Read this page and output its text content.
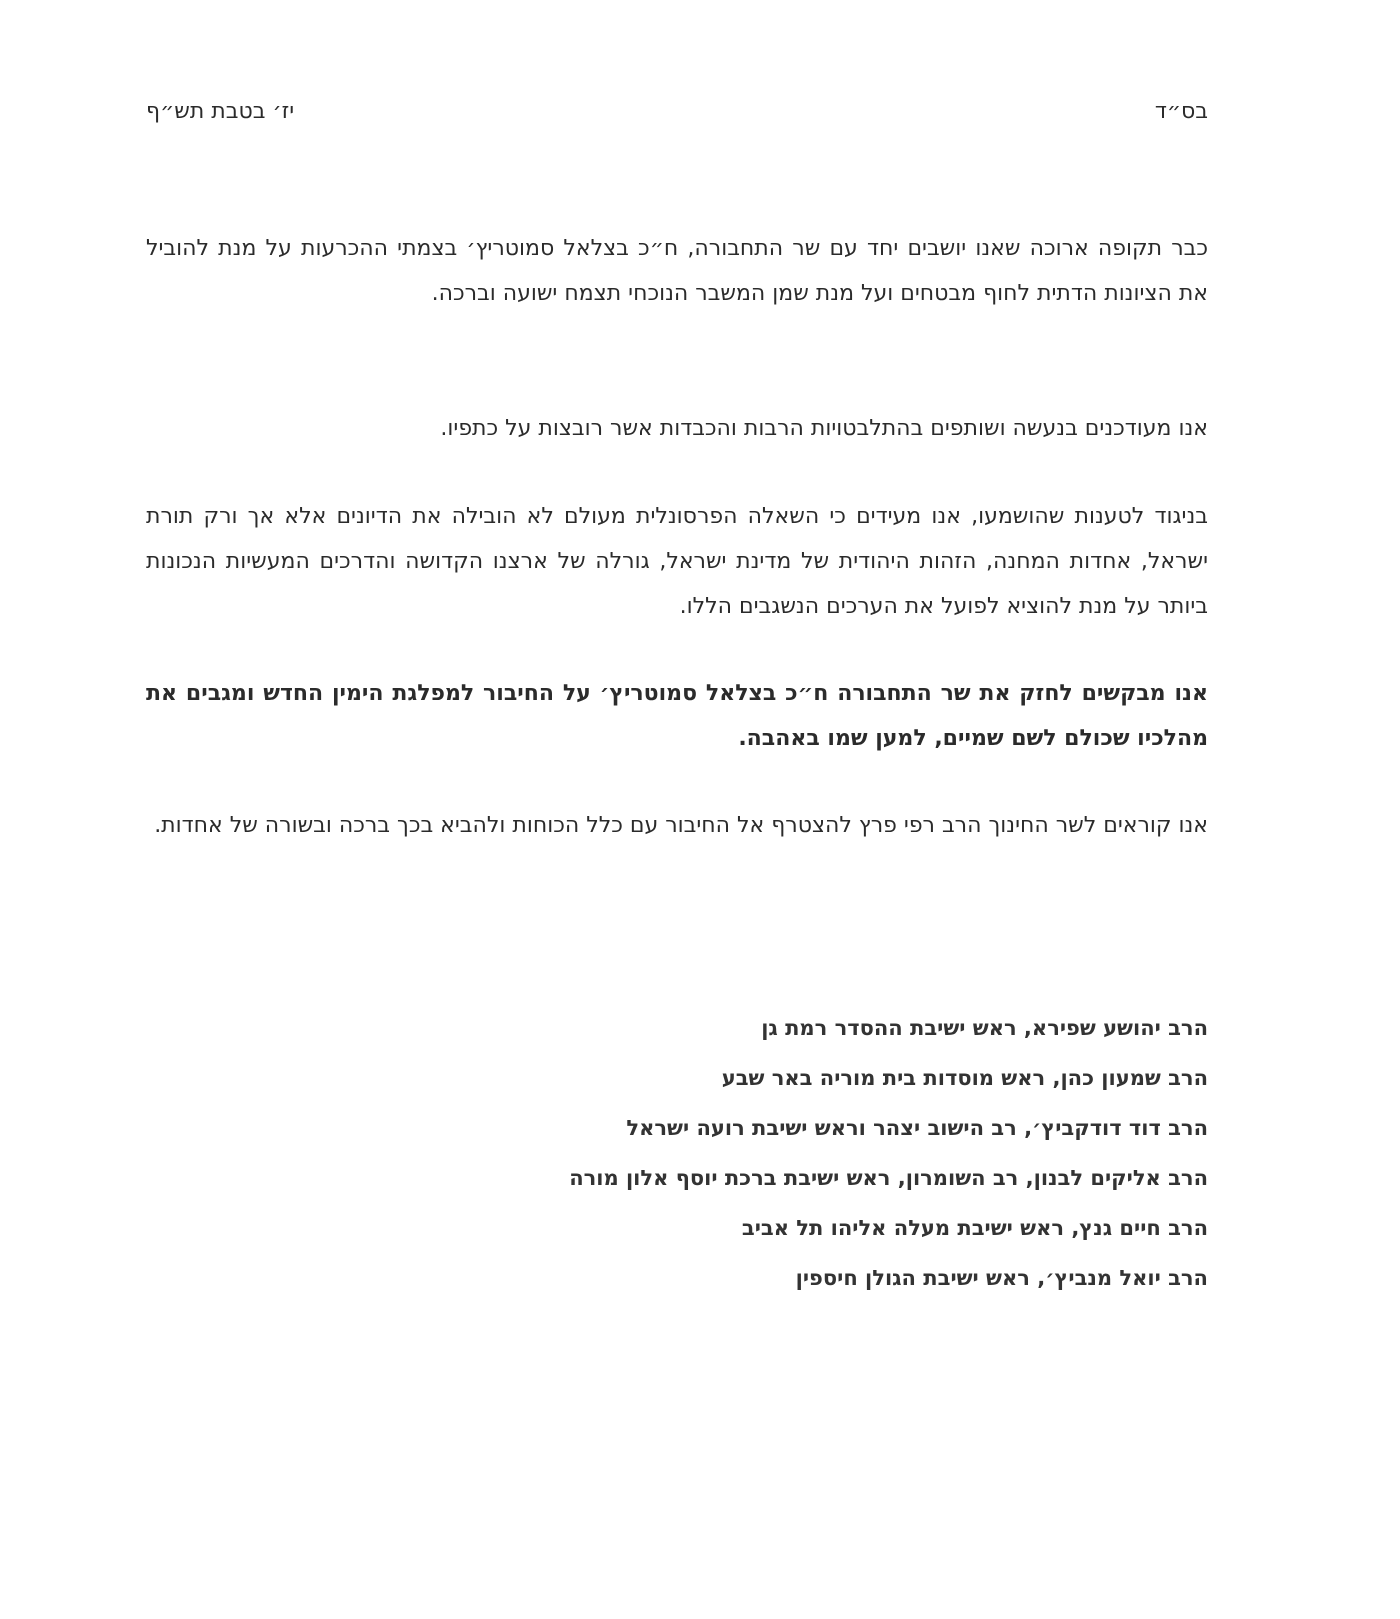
בס״ד
יז׳ בטבת תש״ף

כבר תקופה ארוכה שאנו יושבים יחד עם שר התחבורה, ח״כ בצלאל סמוטריץ׳ בצמתי ההכרעות על מנת להוביל את הציונות הדתית לחוף מבטחים ועל מנת שמן המשבר הנוכחי תצמח ישועה וברכה.

אנו מעודכנים בנעשה ושותפים בהתלבטויות הרבות והכבדות אשר רובצות על כתפיו.

בניגוד לטענות שהושמעו, אנו מעידים כי השאלה הפרסונלית מעולם לא הובילה את הדיונים אלא אך ורק תורת ישראל, אחדות המחנה, הזהות היהודית של מדינת ישראל, גורלה של ארצנו הקדושה והדרכים המעשיות הנכונות ביותר על מנת להוציא לפועל את הערכים הנשגבים הללו.

אנו מבקשים לחזק את שר התחבורה ח״כ בצלאל סמוטריץ׳ על החיבור למפלגת הימין החדש ומגבים את מהלכיו שכולם לשם שמיים, למען שמו באהבה.

אנו קוראים לשר החינוך הרב רפי פרץ להצטרף אל החיבור עם כלל הכוחות ולהביא בכך ברכה ובשורה של אחדות.

הרב יהושע שפירא, ראש ישיבת ההסדר רמת גן
הרב שמעון כהן, ראש מוסדות בית מוריה באר שבע
הרב דוד דודקביץ׳, רב הישוב יצהר וראש ישיבת רועה ישראל
הרב אליקים לבנון, רב השומרון, ראש ישיבת ברכת יוסף אלון מורה
הרב חיים גנץ, ראש ישיבת מעלה אליהו תל אביב
הרב יואל מנביץ׳, ראש ישיבת הגולן חיספין
